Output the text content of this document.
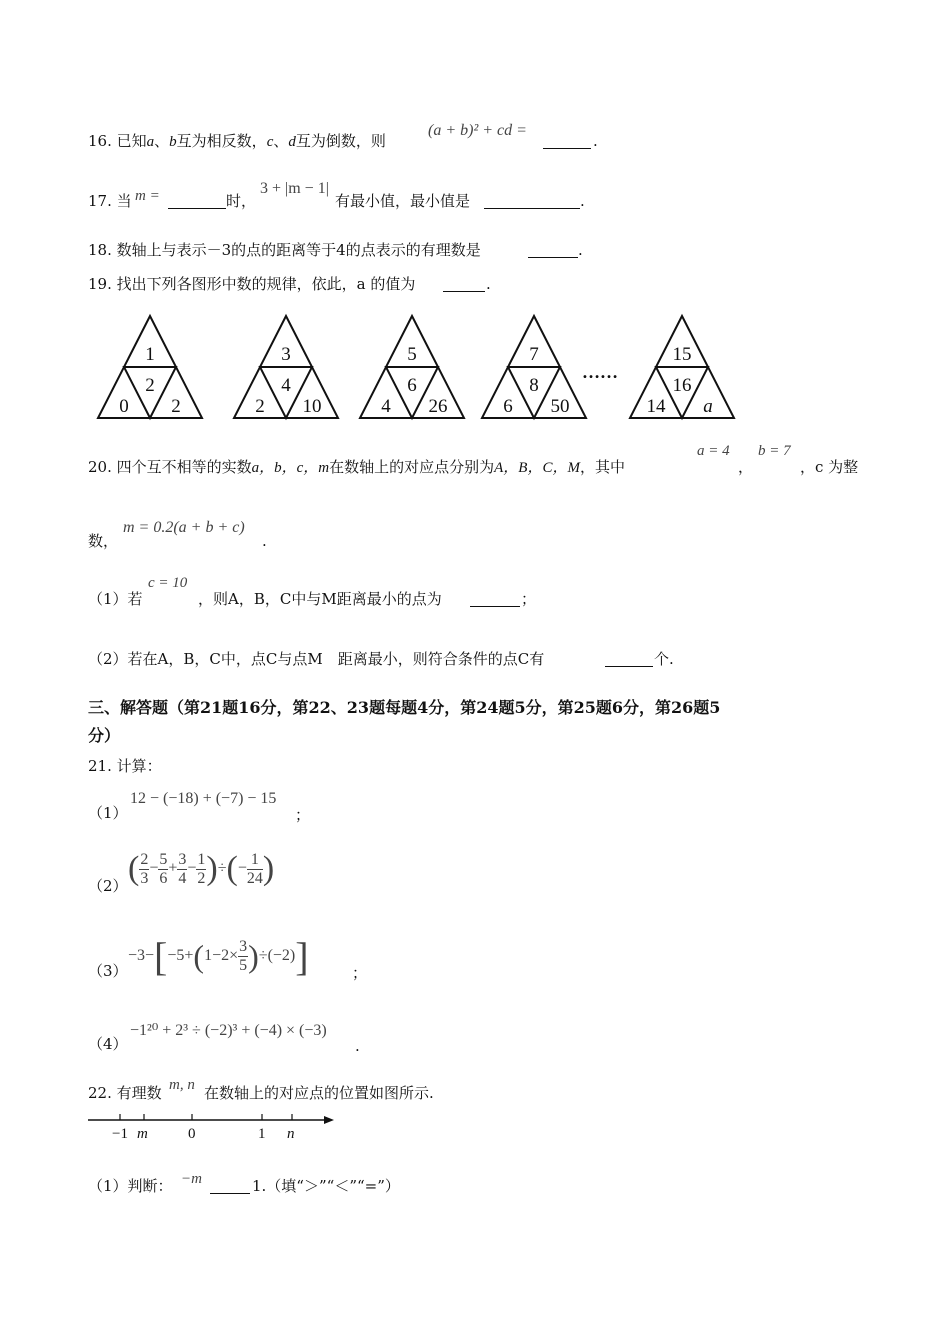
16. 已知a、b互为相反数，c、d互为倒数，则
(a + b)² + cd =
.
17. 当 m =	时，
3 + |m − 1|
有最小值，最小值是	.
18. 数轴上与表示－3的点的距离等于4的点表示的有理数是	.
19. 找出下列各图形中数的规律，依此，a 的值为	.
1
2
0 2
3
4
2 10
5
6
4 26
7
8
6 50
15
16
14 a
……
20. 四个互不相等的实数a，b，c，m在数轴上的对应点分别为A，B，C，M，其中
a = 4
，
b = 7
，c 为整
数，
m = 0.2(a + b + c)
.
（1）若
c = 10
，则A，B，C中与M距离最小的点为	；
（2）若在A，B，C中，点C与点M　距离最小，则符合条件的点C有	个.
三、解答题（第21题16分，第22、23题每题4分，第24题5分，第25题6分，第26题5
分）
21. 计算：
（1）
12 − (−18) + (−7) − 15
；
（2） ( $\frac{2}{3} - \frac{5}{6} + \frac{3}{4} - \frac{1}{2}$ )÷(− $\frac{1}{24}$ )
（3）
$-3-[-5+(1-2\times \frac{3}{5} )\div(-2)]$	；
（4）
−1²⁰ + 2³ ÷ (−2)³ + (−4) × (−3)
.
22. 有理数 m, n 在数轴上的对应点的位置如图所示.
−1 m	0	1 n
（1）判断： −m	1.（填“＞”“＜”“=”）
